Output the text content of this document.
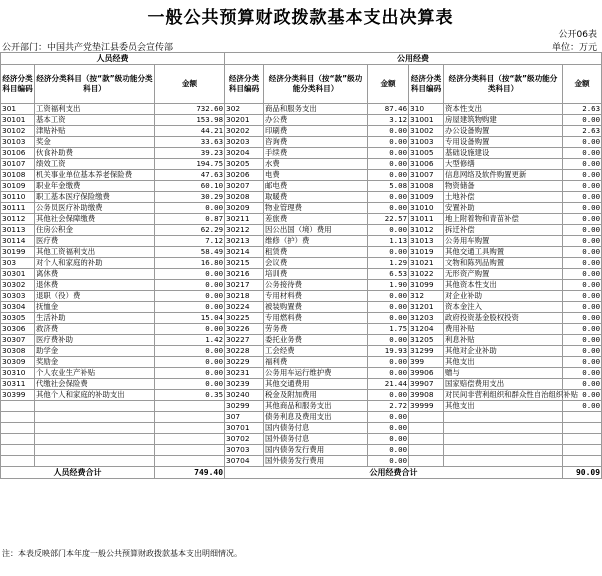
一般公共预算财政拨款基本支出决算表
公开06表
公开部门：中国共产党垫江县委员会宣传部	单位：万元
人员经费			公用经费					
经济分类科目编码	经济分类科目（按“款”级功能分类科目）	金额	经济分类科目编码	经济分类科目（按“款”级功能分类科目）	金额	经济分类科目编码	经济分类科目（按“款”级功能分类科目）	金额
301	工资福利支出	732.60	302	商品和服务支出	87.46	310	资本性支出	2.63
30101	基本工资	153.98	30201	办公费	3.12	31001	房屋建筑物购建	0.00
30102	津贴补贴	44.21	30202	印刷费	0.00	31002	办公设备购置	2.63
30103	奖金	33.63	30203	咨询费	0.00	31003	专用设备购置	0.00
30106	伙食补助费	39.23	30204	手续费	0.00	31005	基础设施建设	0.00
30107	绩效工资	194.75	30205	水费	0.00	31006	大型修缮	0.00
30108	机关事业单位基本养老保险费	47.63	30206	电费	0.00	31007	信息网络及软件购置更新	0.00
30109	职业年金缴费	60.10	30207	邮电费	5.08	31008	物资储备	0.00
30110	职工基本医疗保险缴费	30.29	30208	取暖费	0.00	31009	土地补偿	0.00
30111	公务员医疗补助缴费	0.00	30209	物业管理费	0.00	31010	安置补助	0.00
30112	其他社会保障缴费	0.87	30211	差旅费	22.57	31011	地上附着物和青苗补偿	0.00
30113	住房公积金	62.29	30212	因公出国（境）费用	0.00	31012	拆迁补偿	0.00
30114	医疗费	7.12	30213	维修（护）费	1.13	31013	公务用车购置	0.00
30199	其他工资福利支出	58.49	30214	租赁费	0.00	31019	其他交通工具购置	0.00
303	对个人和家庭的补助	16.80	30215	会议费	1.29	31021	文物和陈列品购置	0.00
30301	离休费	0.00	30216	培训费	6.53	31022	无形资产购置	0.00
30302	退休费	0.00	30217	公务接待费	1.90	31099	其他资本性支出	0.00
30303	退职（役）费	0.00	30218	专用材料费	0.00	312	对企业补助	0.00
30304	抚恤金	0.00	30224	被装购置费	0.00	31201	资本金注入	0.00
30305	生活补助	15.04	30225	专用燃料费	0.00	31203	政府投资基金股权投资	0.00
30306	救济费	0.00	30226	劳务费	1.75	31204	费用补贴	0.00
30307	医疗费补助	1.42	30227	委托业务费	0.00	31205	利息补贴	0.00
30308	助学金	0.00	30228	工会经费	19.93	31299	其他对企业补助	0.00
30309	奖励金	0.00	30229	福利费	0.00	399	其他支出	0.00
30310	个人农业生产补贴	0.00	30231	公务用车运行维护费	0.00	39906	赠与	0.00
30311	代缴社会保险费	0.00	30239	其他交通费用	21.44	39907	国家赔偿费用支出	0.00
30399	其他个人和家庭的补助支出	0.35	30240	税金及附加费用	0.00	39908	对民间非营利组织和群众性自治组织补贴	0.00
			30299	其他商品和服务支出	2.72	39999	其他支出	0.00
			307	债务利息及费用支出	0.00			
			30701	国内债务付息	0.00			
			30702	国外债务付息	0.00			
			30703	国内债务发行费用	0.00			
			30704	国外债务发行费用	0.00			
人员经费合计		749.40	公用经费合计					90.09
注：本表反映部门本年度一般公共预算财政拨款基本支出明细情况。
